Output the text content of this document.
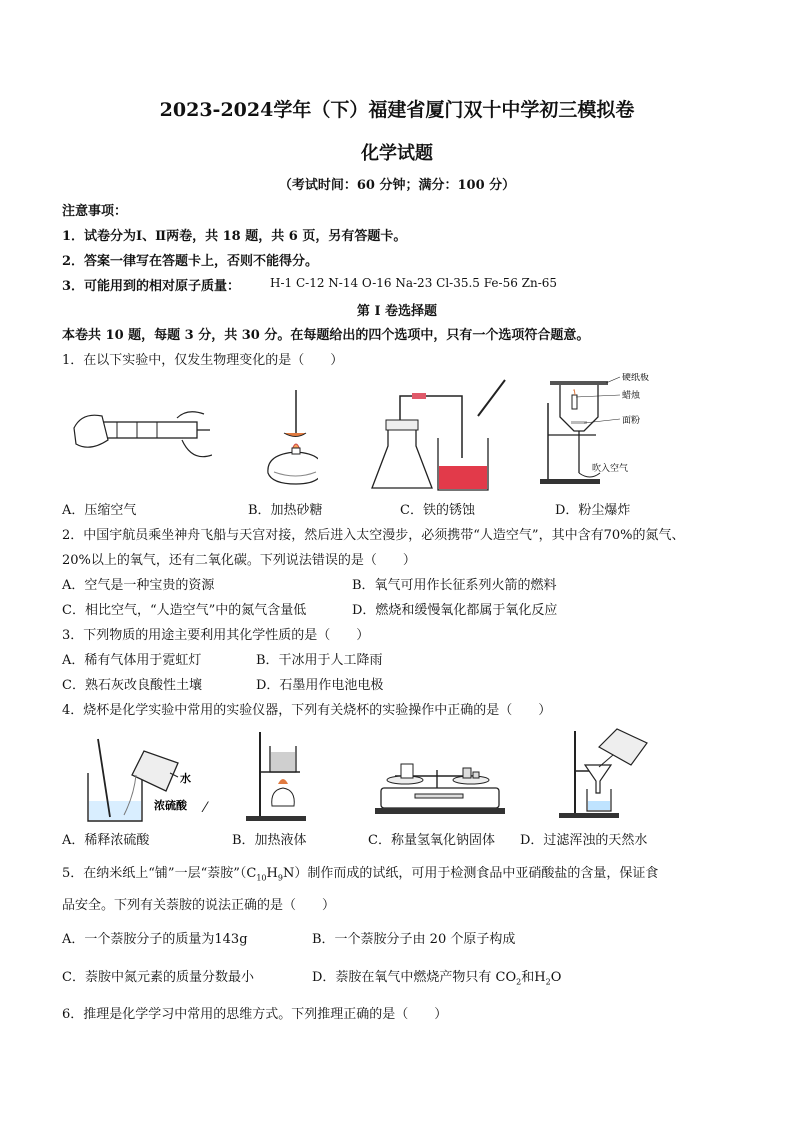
2023-2024学年（下）福建省厦门双十中学初三模拟卷
化学试题
（考试时间：60 分钟；满分：100 分）
注意事项：
1．试卷分为Ⅰ、Ⅱ两卷，共 18 题，共 6 页，另有答题卡。
2．答案一律写在答题卡上，否则不能得分。
3．可能用到的相对原子质量： H-1 C-12 N-14 O-16 Na-23 Cl-35.5 Fe-56 Zn-65
第 I 卷选择题
本卷共 10 题，每题 3 分，共 30 分。在每题给出的四个选项中，只有一个选项符合题意。
1．在以下实验中，仅发生物理变化的是（　　）
硬纸板
蜡烛
面粉
吹入空气
A．压缩空气	B．加热砂糖	C．铁的锈蚀	D．粉尘爆炸
2．中国宇航员乘坐神舟飞船与天宫对接，然后进入太空漫步，必须携带“人造空气”，其中含有70%的氮气、
20%以上的氧气，还有二氧化碳。下列说法错误的是（　　）
A．空气是一种宝贵的资源	B．氧气可用作长征系列火箭的燃料
C．相比空气，“人造空气”中的氮气含量低	D．燃烧和缓慢氧化都属于氧化反应
3．下列物质的用途主要利用其化学性质的是（　　）
A．稀有气体用于霓虹灯	B．干冰用于人工降雨
C．熟石灰改良酸性土壤	D．石墨用作电池电极
4．烧杯是化学实验中常用的实验仪器，下列有关烧杯的实验操作中正确的是（　　）
水
浓硫酸 ⁄
A．稀释浓硫酸	B．加热液体	C．称量氢氧化钠固体 D．过滤浑浊的天然水
5．在纳米纸上“铺”一层“萘胺$”(C_{10}H_9N)$制作而成的试纸，可用于检测食品中亚硝酸盐的含量，保证食
品安全。下列有关萘胺的说法正确的是（　　）
A．一个萘胺分子的质量为143g	B．一个萘胺分子由 20 个原子构成
C．萘胺中氮元素的质量分数最小	D．萘胺在氧气中燃烧产物只有 $CO_2$和$H_2O$
6．推理是化学学习中常用的思维方式。下列推理正确的是（　　）
